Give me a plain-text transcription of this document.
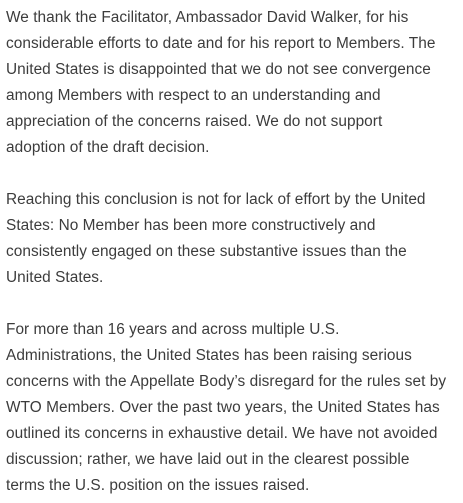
We thank the Facilitator, Ambassador David Walker, for his
considerable efforts to date and for his report to Members. The
United States is disappointed that we do not see convergence
among Members with respect to an understanding and
appreciation of the concerns raised. We do not support
adoption of the draft decision.

Reaching this conclusion is not for lack of effort by the United
States: No Member has been more constructively and
consistently engaged on these substantive issues than the
United States.

For more than 16 years and across multiple U.S.
Administrations, the United States has been raising serious
concerns with the Appellate Body’s disregard for the rules set by
WTO Members. Over the past two years, the United States has
outlined its concerns in exhaustive detail. We have not avoided
discussion; rather, we have laid out in the clearest possible
terms the U.S. position on the issues raised.
